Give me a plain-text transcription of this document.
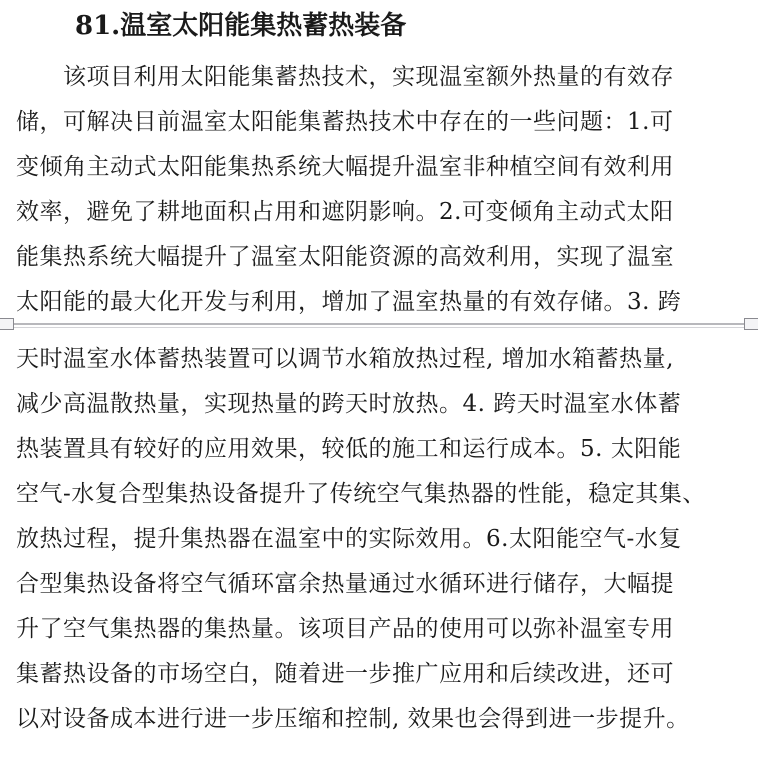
81.温室太阳能集热蓄热装备
　　该项目利用太阳能集蓄热技术，实现温室额外热量的有效存
储，可解决目前温室太阳能集蓄热技术中存在的一些问题：1.可
变倾角主动式太阳能集热系统大幅提升温室非种植空间有效利用
效率，避免了耕地面积占用和遮阴影响。2.可变倾角主动式太阳
能集热系统大幅提升了温室太阳能资源的高效利用，实现了温室
太阳能的最大化开发与利用，增加了温室热量的有效存储。3. 跨
天时温室水体蓄热装置可以调节水箱放热过程, 增加水箱蓄热量,
减少高温散热量，实现热量的跨天时放热。4. 跨天时温室水体蓄
热装置具有较好的应用效果，较低的施工和运行成本。5. 太阳能
空气-水复合型集热设备提升了传统空气集热器的性能，稳定其集、
放热过程，提升集热器在温室中的实际效用。6.太阳能空气-水复
合型集热设备将空气循环富余热量通过水循环进行储存，大幅提
升了空气集热器的集热量。该项目产品的使用可以弥补温室专用
集蓄热设备的市场空白，随着进一步推广应用和后续改进，还可
以对设备成本进行进一步压缩和控制, 效果也会得到进一步提升。
